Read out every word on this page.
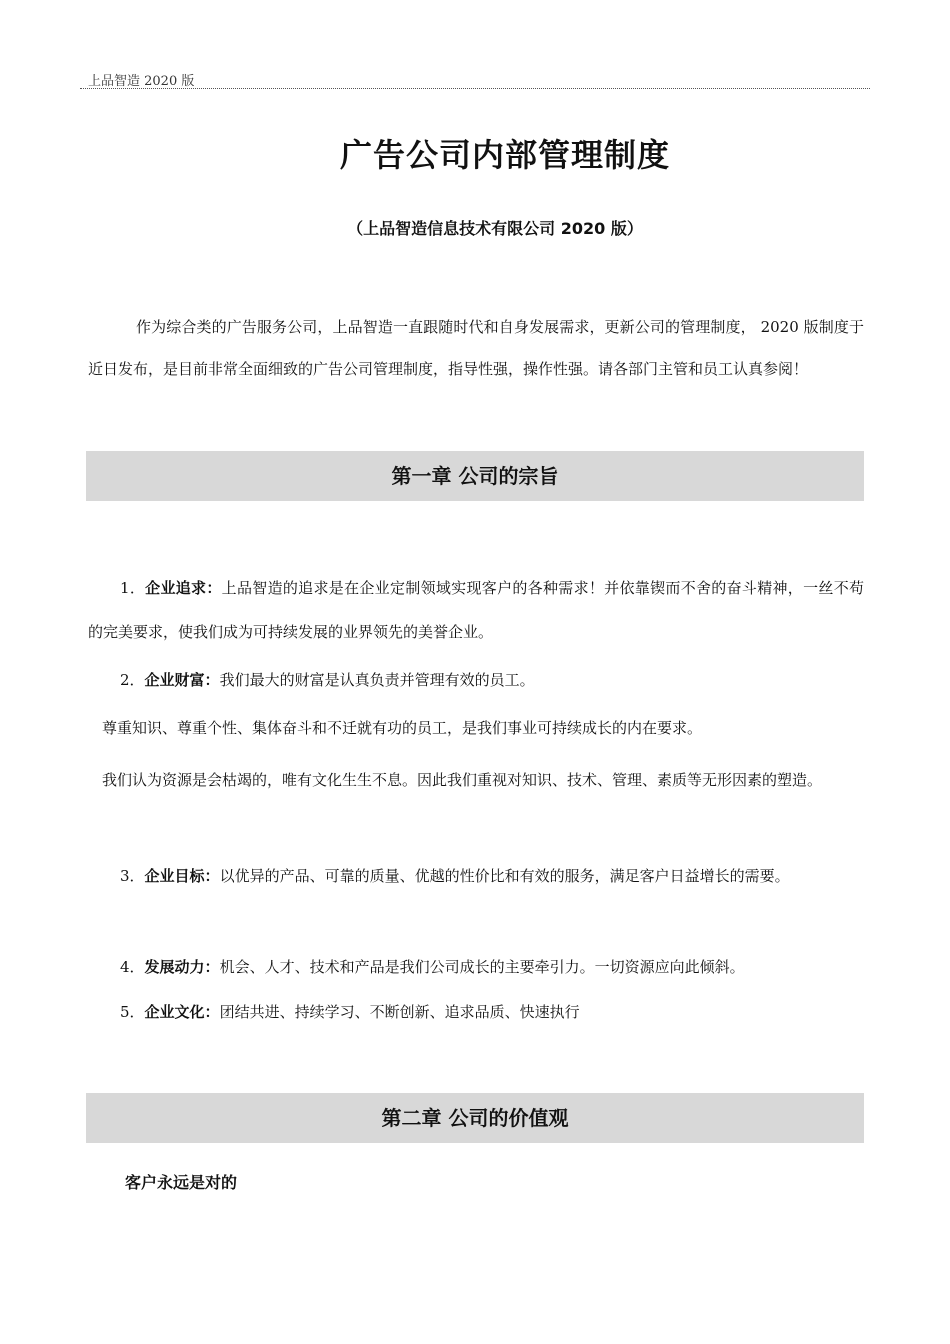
上品智造 2020 版
广告公司内部管理制度
（上品智造信息技术有限公司 2020 版）
作为综合类的广告服务公司，上品智造一直跟随时代和自身发展需求，更新公司的管理制度， 2020 版制度于近日发布，是目前非常全面细致的广告公司管理制度，指导性强，操作性强。请各部门主管和员工认真参阅！
第一章 公司的宗旨
1．企业追求：上品智造的追求是在企业定制领域实现客户的各种需求！并依靠锲而不舍的奋斗精神，一丝不苟的完美要求，使我们成为可持续发展的业界领先的美誉企业。
2．企业财富：我们最大的财富是认真负责并管理有效的员工。
尊重知识、尊重个性、集体奋斗和不迁就有功的员工，是我们事业可持续成长的内在要求。
我们认为资源是会枯竭的，唯有文化生生不息。因此我们重视对知识、技术、管理、素质等无形因素的塑造。
3．企业目标：以优异的产品、可靠的质量、优越的性价比和有效的服务，满足客户日益增长的需要。
4．发展动力：机会、人才、技术和产品是我们公司成长的主要牵引力。一切资源应向此倾斜。
5．企业文化：团结共进、持续学习、不断创新、追求品质、快速执行
第二章 公司的价值观
客户永远是对的
